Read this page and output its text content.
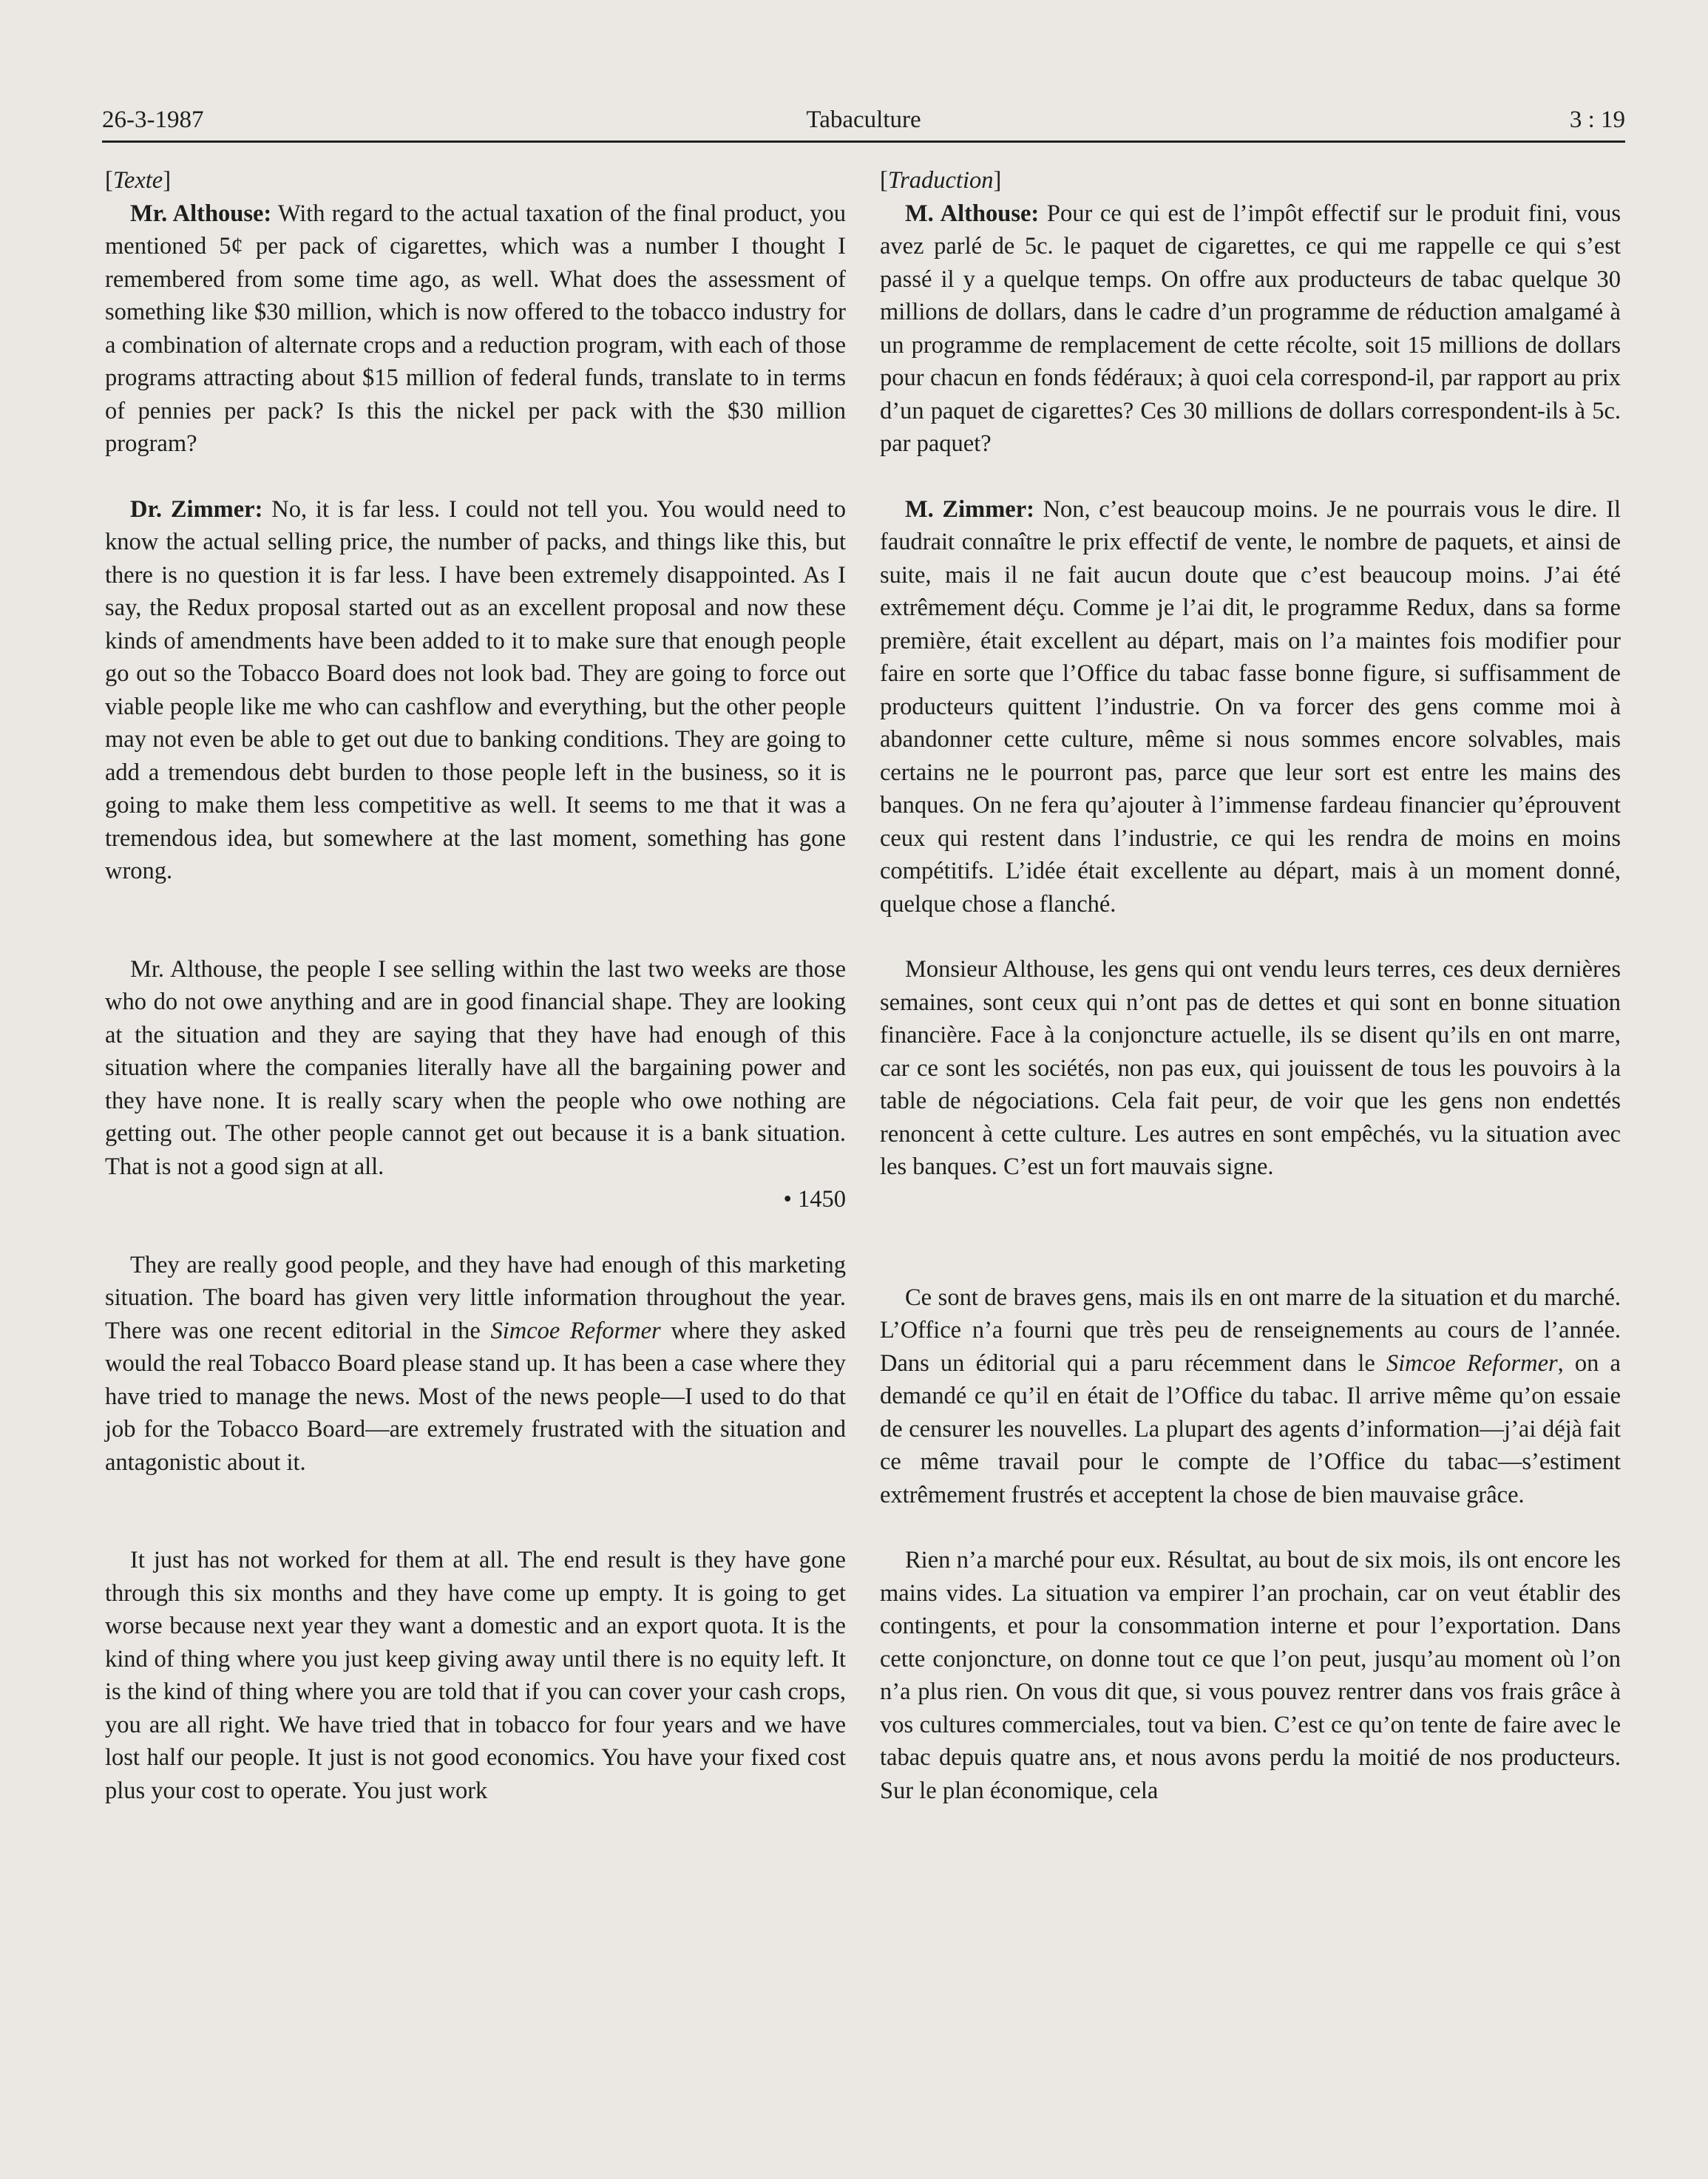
26-3-1987	Tabaculture	3 : 19

[Texte]

Mr. Althouse: With regard to the actual taxation of the final product, you mentioned 5¢ per pack of cigarettes, which was a number I thought I remembered from some time ago, as well. What does the assessment of something like $30 million, which is now offered to the tobacco industry for a combination of alternate crops and a reduction program, with each of those programs attracting about $15 million of federal funds, translate to in terms of pennies per pack? Is this the nickel per pack with the $30 million program?

Dr. Zimmer: No, it is far less. I could not tell you. You would need to know the actual selling price, the number of packs, and things like this, but there is no question it is far less. I have been extremely disappointed. As I say, the Redux proposal started out as an excellent proposal and now these kinds of amendments have been added to it to make sure that enough people go out so the Tobacco Board does not look bad. They are going to force out viable people like me who can cashflow and everything, but the other people may not even be able to get out due to banking conditions. They are going to add a tremendous debt burden to those people left in the business, so it is going to make them less competitive as well. It seems to me that it was a tremendous idea, but somewhere at the last moment, something has gone wrong.

Mr. Althouse, the people I see selling within the last two weeks are those who do not owe anything and are in good financial shape. They are looking at the situation and they are saying that they have had enough of this situation where the companies literally have all the bargaining power and they have none. It is really scary when the people who owe nothing are getting out. The other people cannot get out because it is a bank situation. That is not a good sign at all.

• 1450

They are really good people, and they have had enough of this marketing situation. The board has given very little information throughout the year. There was one recent editorial in the Simcoe Reformer where they asked would the real Tobacco Board please stand up. It has been a case where they have tried to manage the news. Most of the news people—I used to do that job for the Tobacco Board—are extremely frustrated with the situation and antagonistic about it.

It just has not worked for them at all. The end result is they have gone through this six months and they have come up empty. It is going to get worse because next year they want a domestic and an export quota. It is the kind of thing where you just keep giving away until there is no equity left. It is the kind of thing where you are told that if you can cover your cash crops, you are all right. We have tried that in tobacco for four years and we have lost half our people. It just is not good economics. You have your fixed cost plus your cost to operate. You just work

[Traduction]

M. Althouse: Pour ce qui est de l’impôt effectif sur le produit fini, vous avez parlé de 5c. le paquet de cigarettes, ce qui me rappelle ce qui s’est passé il y a quelque temps. On offre aux producteurs de tabac quelque 30 millions de dollars, dans le cadre d’un programme de réduction amalgamé à un programme de remplacement de cette récolte, soit 15 millions de dollars pour chacun en fonds fédéraux; à quoi cela correspond-il, par rapport au prix d’un paquet de cigarettes? Ces 30 millions de dollars correspondent-ils à 5c. par paquet?

M. Zimmer: Non, c’est beaucoup moins. Je ne pourrais vous le dire. Il faudrait connaître le prix effectif de vente, le nombre de paquets, et ainsi de suite, mais il ne fait aucun doute que c’est beaucoup moins. J’ai été extrêmement déçu. Comme je l’ai dit, le programme Redux, dans sa forme première, était excellent au départ, mais on l’a maintes fois modifier pour faire en sorte que l’Office du tabac fasse bonne figure, si suffisamment de producteurs quittent l’industrie. On va forcer des gens comme moi à abandonner cette culture, même si nous sommes encore solvables, mais certains ne le pourront pas, parce que leur sort est entre les mains des banques. On ne fera qu’ajouter à l’immense fardeau financier qu’éprouvent ceux qui restent dans l’industrie, ce qui les rendra de moins en moins compétitifs. L’idée était excellente au départ, mais à un moment donné, quelque chose a flanché.

Monsieur Althouse, les gens qui ont vendu leurs terres, ces deux dernières semaines, sont ceux qui n’ont pas de dettes et qui sont en bonne situation financière. Face à la conjoncture actuelle, ils se disent qu’ils en ont marre, car ce sont les sociétés, non pas eux, qui jouissent de tous les pouvoirs à la table de négociations. Cela fait peur, de voir que les gens non endettés renoncent à cette culture. Les autres en sont empêchés, vu la situation avec les banques. C’est un fort mauvais signe.

Ce sont de braves gens, mais ils en ont marre de la situation et du marché. L’Office n’a fourni que très peu de renseignements au cours de l’année. Dans un éditorial qui a paru récemment dans le Simcoe Reformer, on a demandé ce qu’il en était de l’Office du tabac. Il arrive même qu’on essaie de censurer les nouvelles. La plupart des agents d’information—j’ai déjà fait ce même travail pour le compte de l’Office du tabac—s’estiment extrêmement frustrés et acceptent la chose de bien mauvaise grâce.

Rien n’a marché pour eux. Résultat, au bout de six mois, ils ont encore les mains vides. La situation va empirer l’an prochain, car on veut établir des contingents, et pour la consommation interne et pour l’exportation. Dans cette conjoncture, on donne tout ce que l’on peut, jusqu’au moment où l’on n’a plus rien. On vous dit que, si vous pouvez rentrer dans vos frais grâce à vos cultures commerciales, tout va bien. C’est ce qu’on tente de faire avec le tabac depuis quatre ans, et nous avons perdu la moitié de nos producteurs. Sur le plan économique, cela
